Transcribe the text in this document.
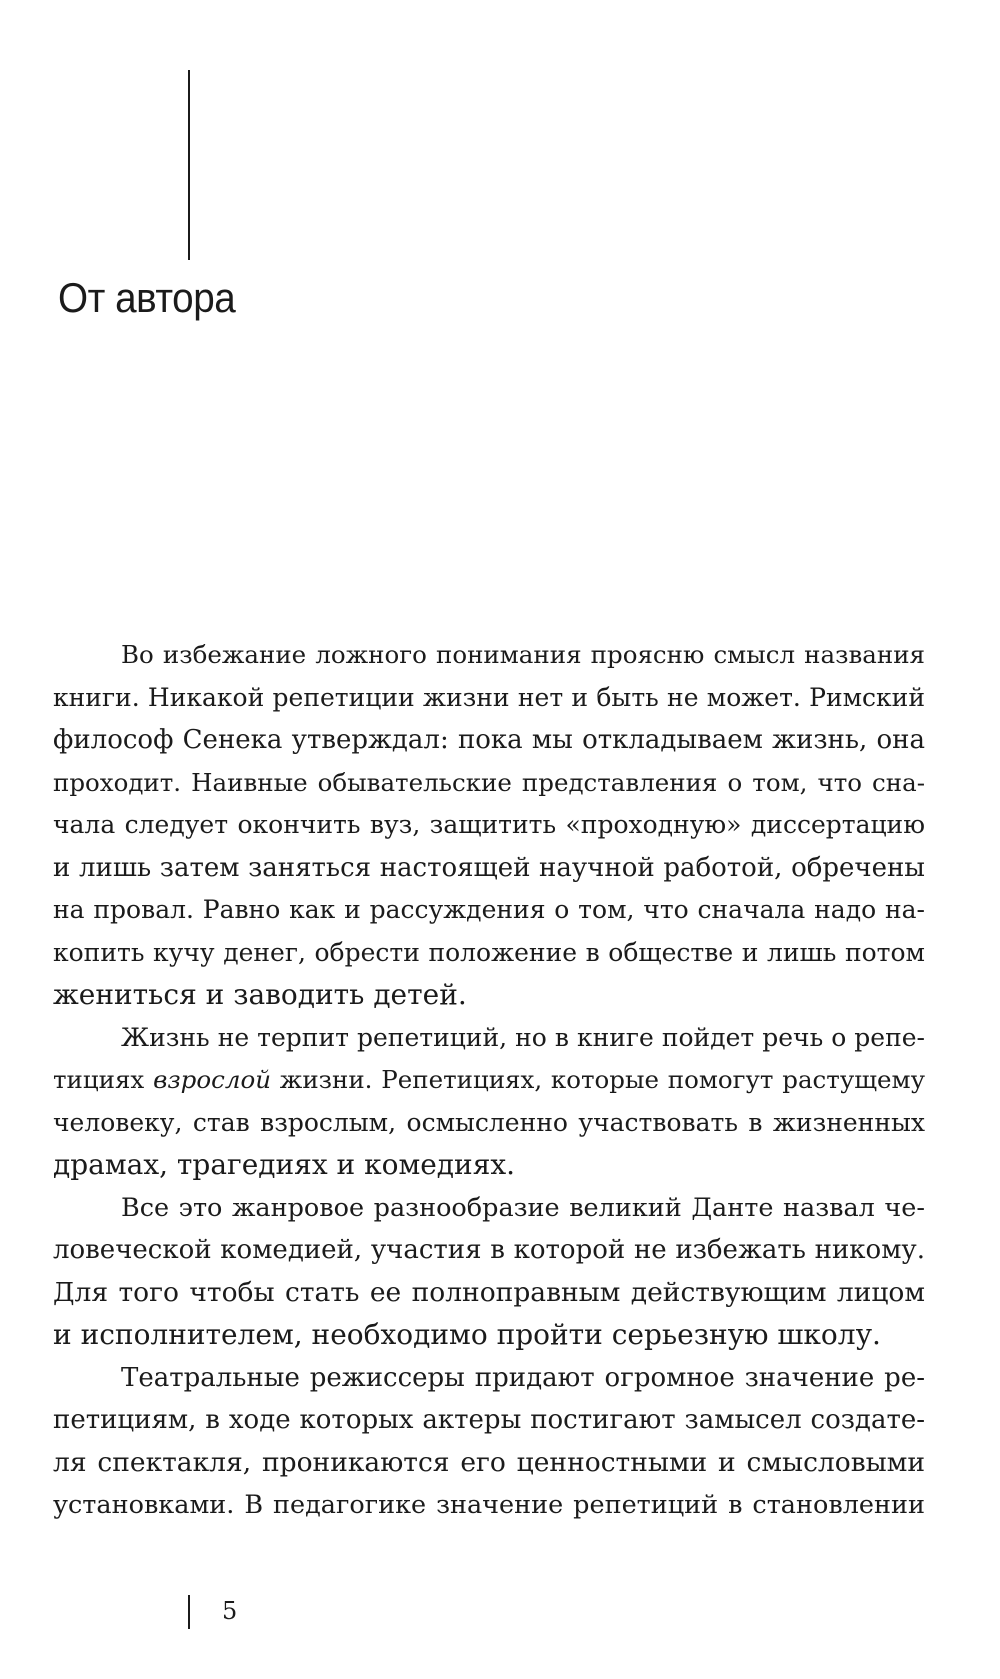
От автора
Во избежание ложного понимания проясню смысл названия
книги. Никакой репетиции жизни нет и быть не может. Римский
философ Сенека утверждал: пока мы откладываем жизнь, она
проходит. Наивные обывательские представления о том, что сна-
чала следует окончить вуз, защитить «проходную» диссертацию
и лишь затем заняться настоящей научной работой, обречены
на провал. Равно как и рассуждения о том, что сначала надо на-
копить кучу денег, обрести положение в обществе и лишь потом
жениться и заводить детей.
Жизнь не терпит репетиций, но в книге пойдет речь о репе-
тициях взрослой жизни. Репетициях, которые помогут растущему
человеку, став взрослым, осмысленно участвовать в жизненных
драмах, трагедиях и комедиях.
Все это жанровое разнообразие великий Данте назвал че-
ловеческой комедией, участия в которой не избежать никому.
Для того чтобы стать ее полноправным действующим лицом
и исполнителем, необходимо пройти серьезную школу.
Театральные режиссеры придают огромное значение ре-
петициям, в ходе которых актеры постигают замысел создате-
ля спектакля, проникаются его ценностными и смысловыми
установками. В педагогике значение репетиций в становлении
5
